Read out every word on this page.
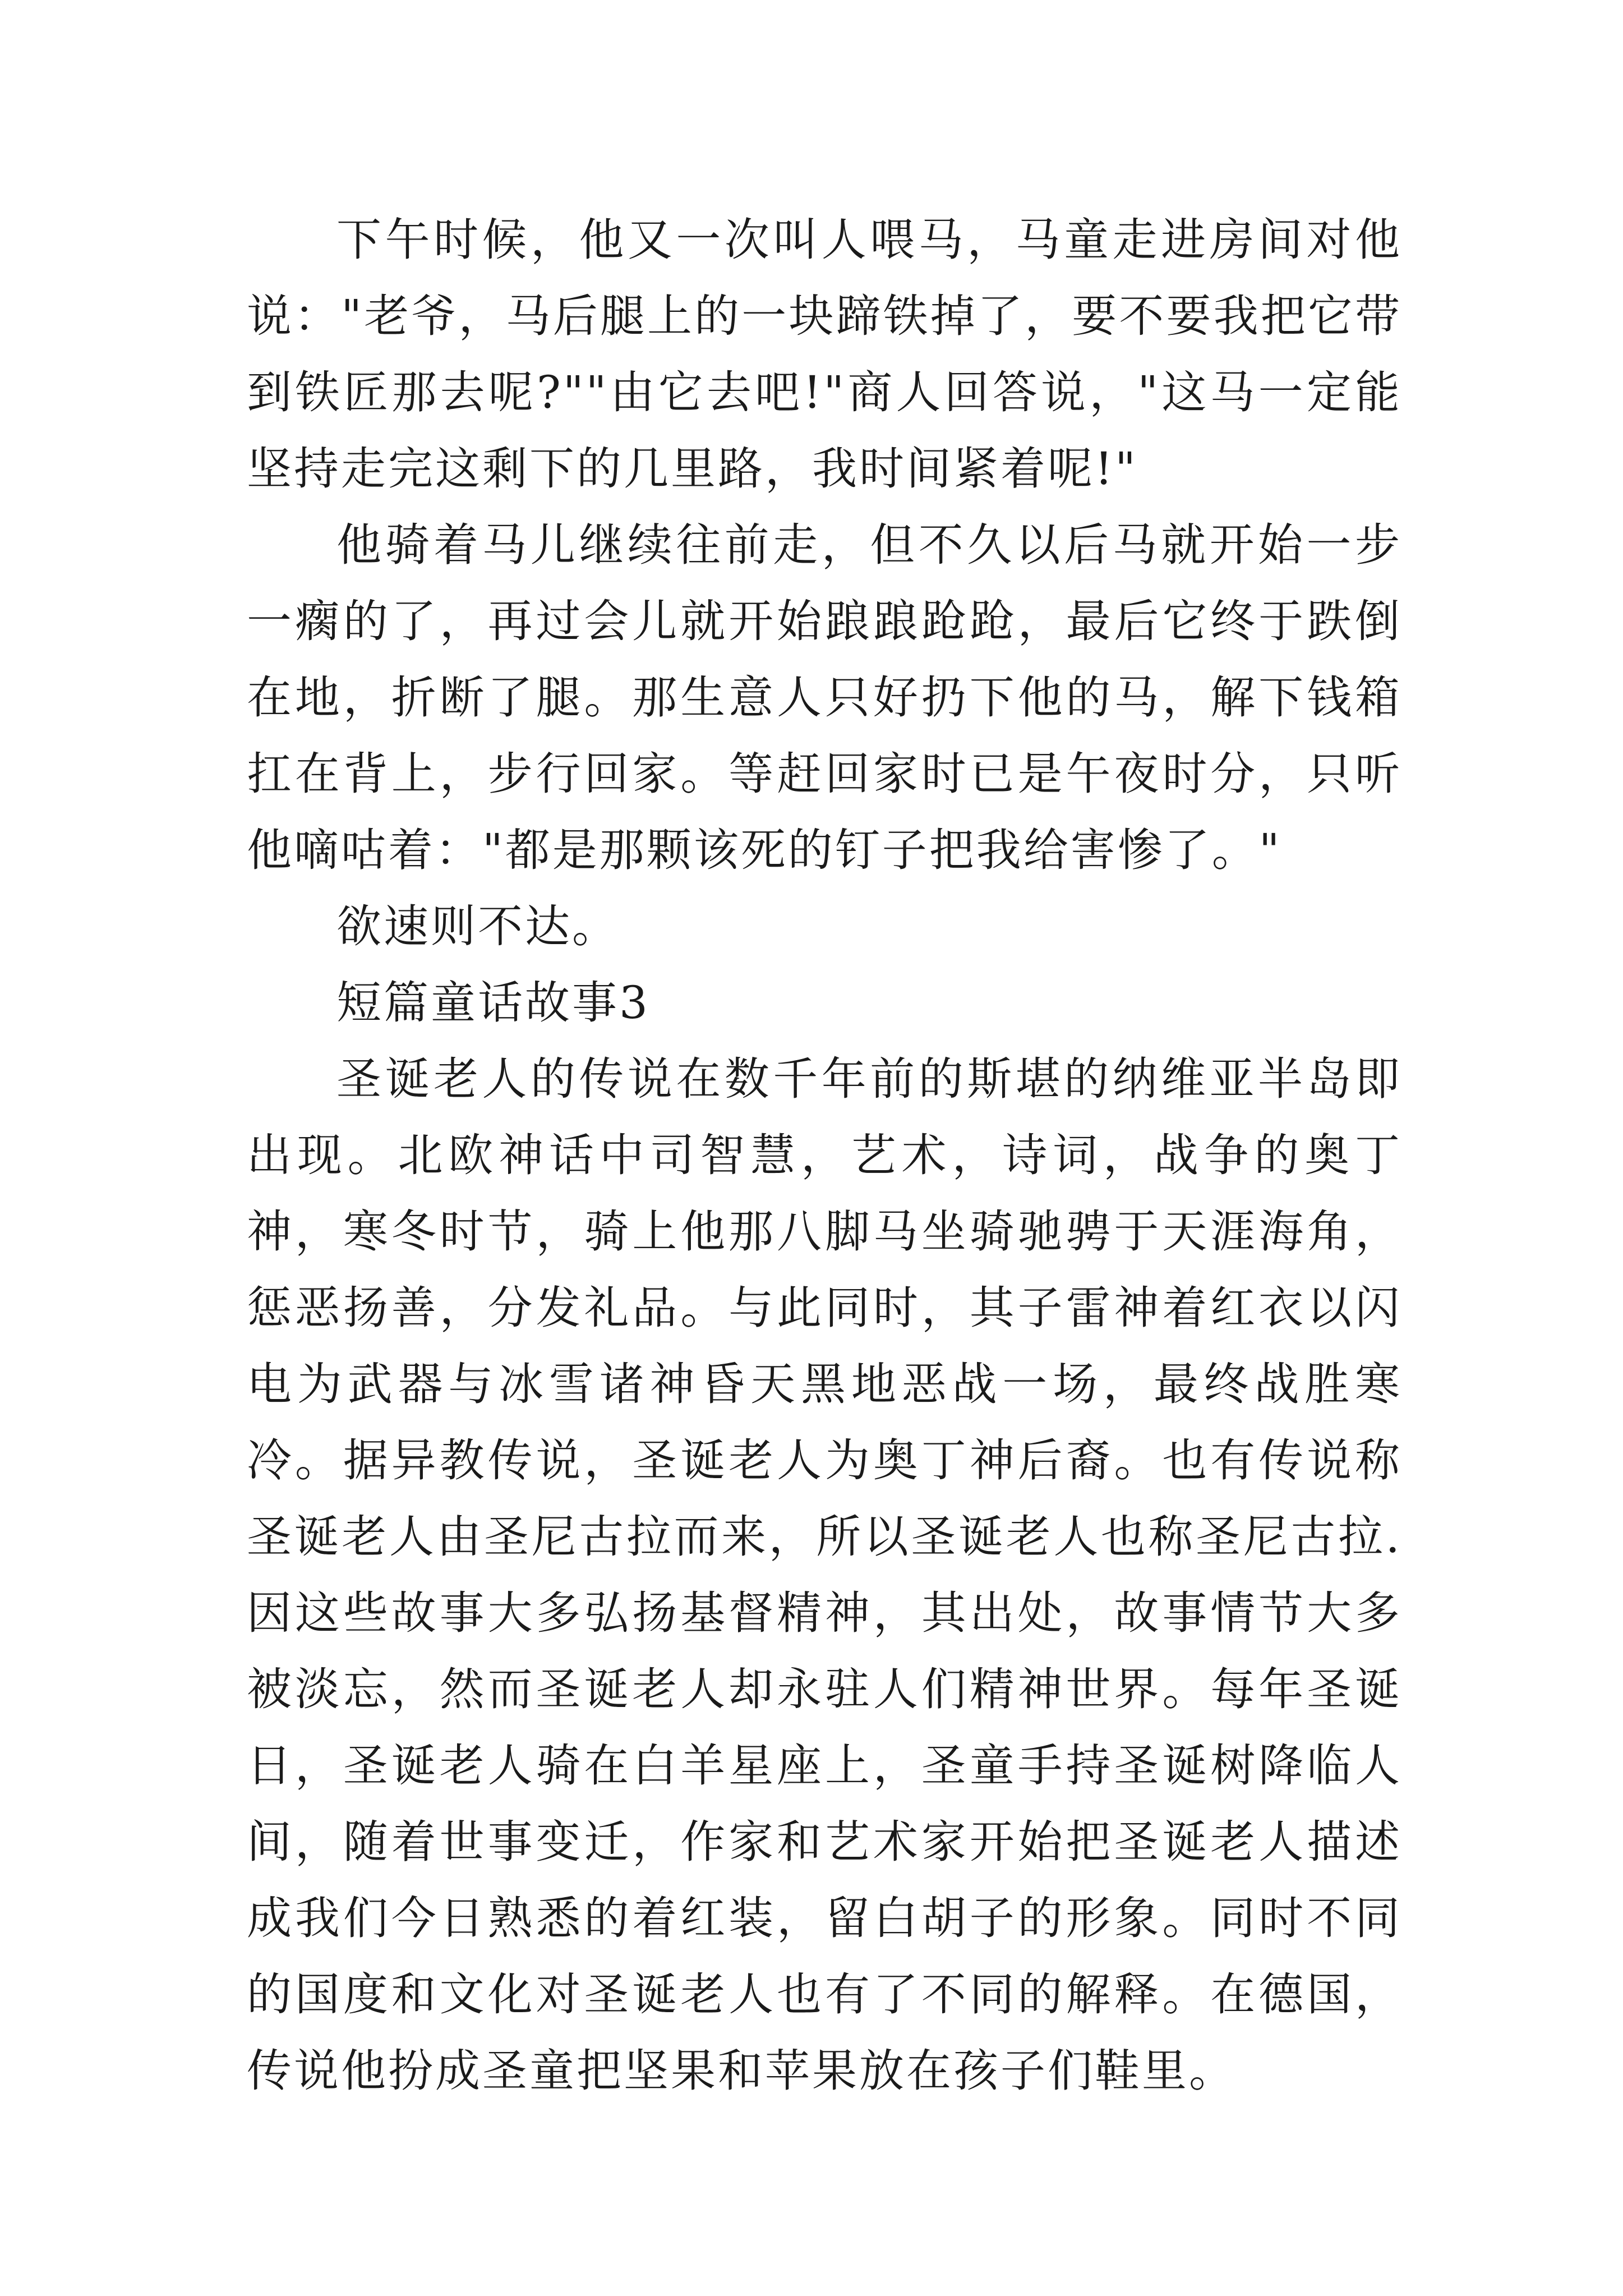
下午时候，他又一次叫人喂马，马童走进房间对他说："老爷，马后腿上的一块蹄铁掉了，要不要我把它带到铁匠那去呢?""由它去吧!"商人回答说，"这马一定能坚持走完这剩下的几里路，我时间紧着呢!"

他骑着马儿继续往前走，但不久以后马就开始一步一瘸的了，再过会儿就开始踉踉跄跄，最后它终于跌倒在地，折断了腿。那生意人只好扔下他的马，解下钱箱扛在背上，步行回家。等赶回家时已是午夜时分，只听他嘀咕着："都是那颗该死的钉子把我给害惨了。"

欲速则不达。

短篇童话故事3

圣诞老人的传说在数千年前的斯堪的纳维亚半岛即出现。北欧神话中司智慧，艺术，诗词，战争的奥丁神，寒冬时节，骑上他那八脚马坐骑驰骋于天涯海角，惩恶扬善，分发礼品。与此同时，其子雷神着红衣以闪电为武器与冰雪诸神昏天黑地恶战一场，最终战胜寒冷。据异教传说，圣诞老人为奥丁神后裔。也有传说称圣诞老人由圣尼古拉而来，所以圣诞老人也称圣尼古拉.因这些故事大多弘扬基督精神，其出处，故事情节大多被淡忘，然而圣诞老人却永驻人们精神世界。每年圣诞日，圣诞老人骑在白羊星座上，圣童手持圣诞树降临人间，随着世事变迁，作家和艺术家开始把圣诞老人描述成我们今日熟悉的着红装，留白胡子的形象。同时不同的国度和文化对圣诞老人也有了不同的解释。在德国，传说他扮成圣童把坚果和苹果放在孩子们鞋里。
